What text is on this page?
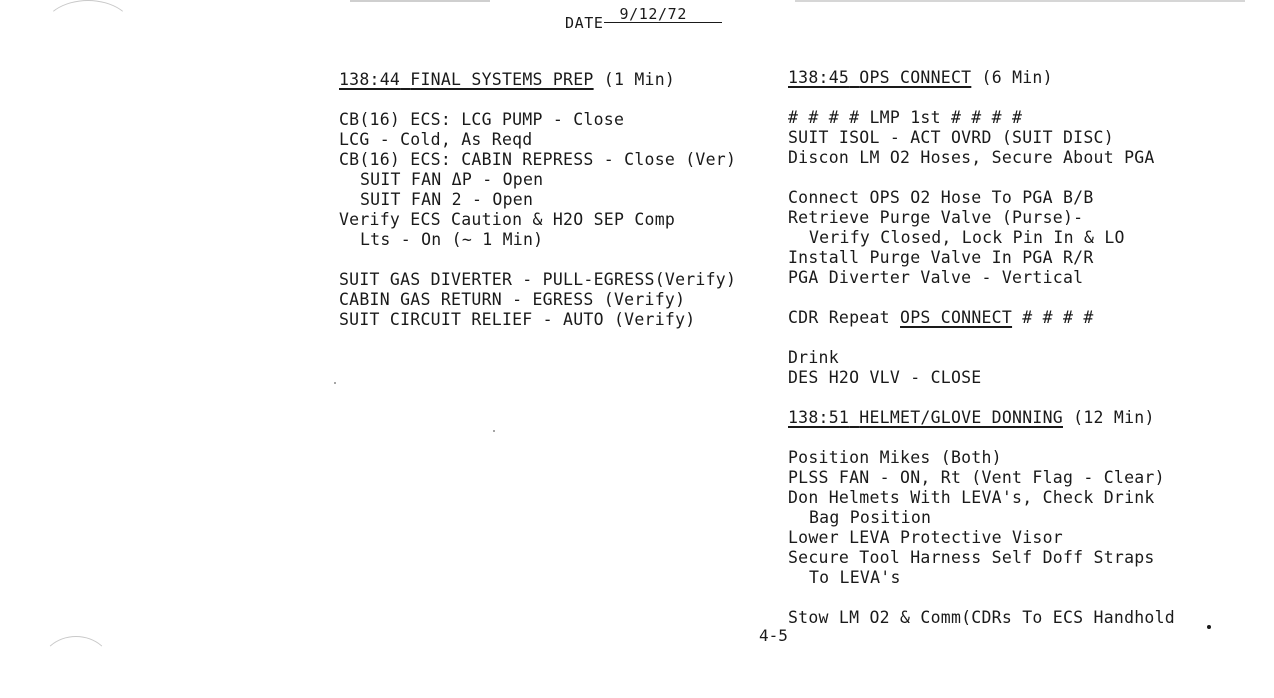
DATE 9/12/72
138:44 FINAL SYSTEMS PREP (1 Min)
CB(16) ECS: LCG PUMP - Close
LCG - Cold, As Reqd
CB(16) ECS: CABIN REPRESS - Close (Ver)
SUIT FAN ΔP - Open
SUIT FAN 2 - Open
Verify ECS Caution & H2O SEP Comp
Lts - On (~ 1 Min)
SUIT GAS DIVERTER - PULL-EGRESS(Verify)
CABIN GAS RETURN - EGRESS (Verify)
SUIT CIRCUIT RELIEF - AUTO (Verify)
138:45 OPS CONNECT (6 Min)
# # # # LMP 1st # # # #
SUIT ISOL - ACT OVRD (SUIT DISC)
Discon LM O2 Hoses, Secure About PGA
Connect OPS O2 Hose To PGA B/B
Retrieve Purge Valve (Purse)-
Verify Closed, Lock Pin In & LO
Install Purge Valve In PGA R/R
PGA Diverter Valve - Vertical
CDR Repeat OPS CONNECT # # # #
Drink
DES H2O VLV - CLOSE
138:51 HELMET/GLOVE DONNING (12 Min)
Position Mikes (Both)
PLSS FAN - ON, Rt (Vent Flag - Clear)
Don Helmets With LEVA's, Check Drink
Bag Position
Lower LEVA Protective Visor
Secure Tool Harness Self Doff Straps
To LEVA's
Stow LM O2 & Comm(CDRs To ECS Handhold
4-5
